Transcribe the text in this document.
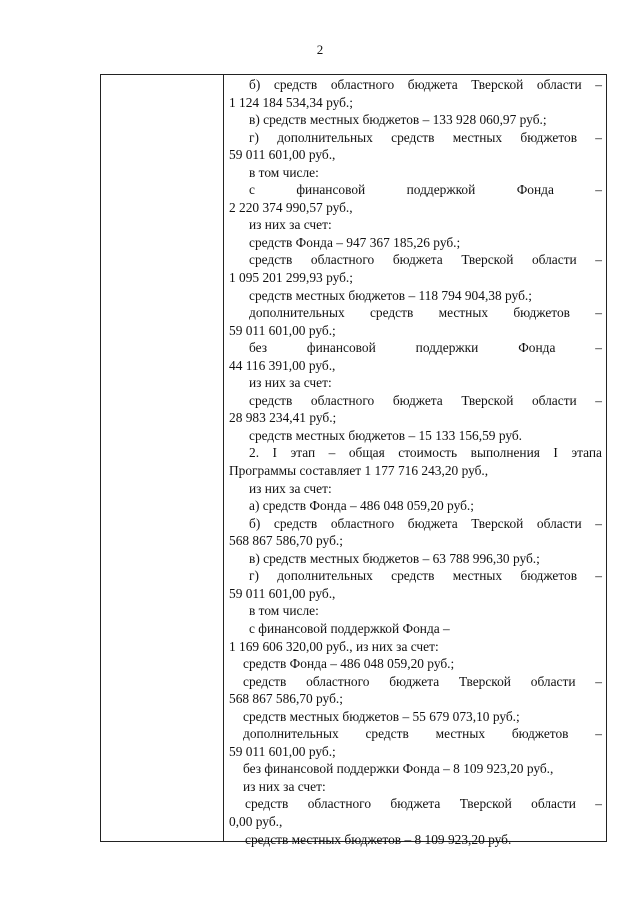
2
б) средств областного бюджета Тверской области –
1 124 184 534,34 руб.;
в) средств местных бюджетов – 133 928 060,97 руб.;
г) дополнительных средств местных бюджетов –
59 011 601,00 руб.,
в том числе:
с финансовой поддержкой Фонда –
2 220 374 990,57 руб.,
из них за счет:
средств Фонда – 947 367 185,26 руб.;
средств областного бюджета Тверской области –
1 095 201 299,93 руб.;
средств местных бюджетов – 118 794 904,38 руб.;
дополнительных средств местных бюджетов –
59 011 601,00 руб.;
без финансовой поддержки Фонда –
44 116 391,00 руб.,
из них за счет:
средств областного бюджета Тверской области –
28 983 234,41 руб.;
средств местных бюджетов – 15 133 156,59 руб.
2. I этап – общая стоимость выполнения I этапа
Программы составляет 1 177 716 243,20 руб.,
из них за счет:
а) средств Фонда – 486 048 059,20 руб.;
б) средств областного бюджета Тверской области –
568 867 586,70 руб.;
в) средств местных бюджетов – 63 788 996,30 руб.;
г) дополнительных средств местных бюджетов –
59 011 601,00 руб.,
в том числе:
с финансовой поддержкой Фонда –
1 169 606 320,00 руб., из них за счет:
средств Фонда – 486 048 059,20 руб.;
средств областного бюджета Тверской области –
568 867 586,70 руб.;
средств местных бюджетов – 55 679 073,10 руб.;
дополнительных средств местных бюджетов –
59 011 601,00 руб.;
без финансовой поддержки Фонда – 8 109 923,20 руб.,
из них за счет:
средств областного бюджета Тверской области –
0,00 руб.,
средств местных бюджетов – 8 109 923,20 руб.
